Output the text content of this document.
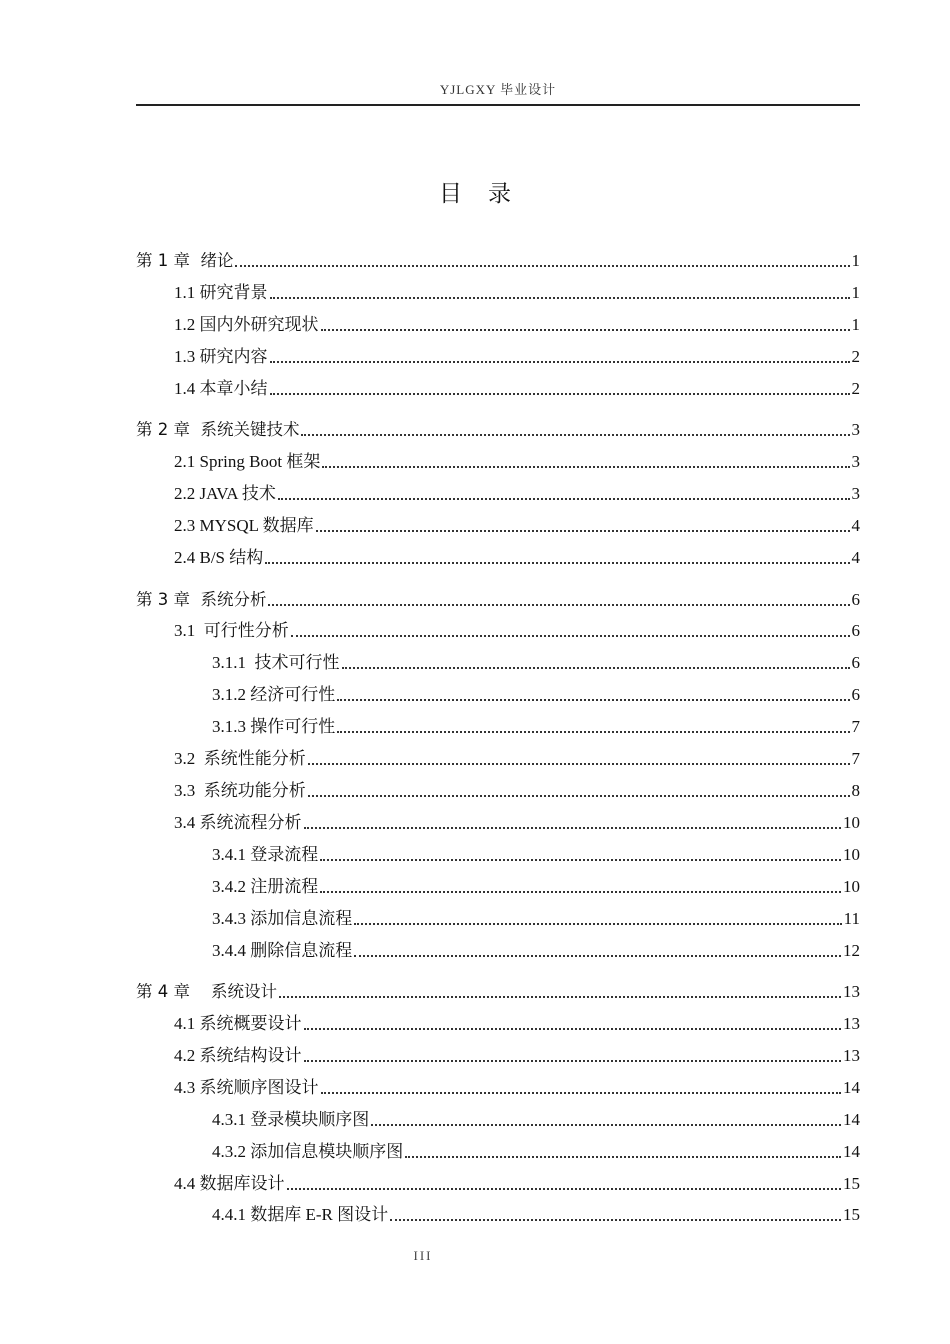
YJLGXY 毕业设计
目 录
第 1 章  绪论	1
1.1 研究背景	1
1.2 国内外研究现状	1
1.3 研究内容	2
1.4 本章小结	2
第 2 章  系统关键技术	3
2.1 Spring Boot 框架	3
2.2 JAVA 技术	3
2.3 MYSQL 数据库	4
2.4 B/S 结构	4
第 3 章  系统分析	6
3.1  可行性分析	6
3.1.1  技术可行性	6
3.1.2 经济可行性	6
3.1.3 操作可行性	7
3.2  系统性能分析	7
3.3  系统功能分析	8
3.4 系统流程分析	10
3.4.1 登录流程	10
3.4.2 注册流程	10
3.4.3 添加信息流程	11
3.4.4 删除信息流程	12
第 4 章    系统设计	13
4.1 系统概要设计	13
4.2 系统结构设计	13
4.3 系统顺序图设计	14
4.3.1 登录模块顺序图	14
4.3.2 添加信息模块顺序图	14
4.4 数据库设计	15
4.4.1 数据库 E-R 图设计	15
III
